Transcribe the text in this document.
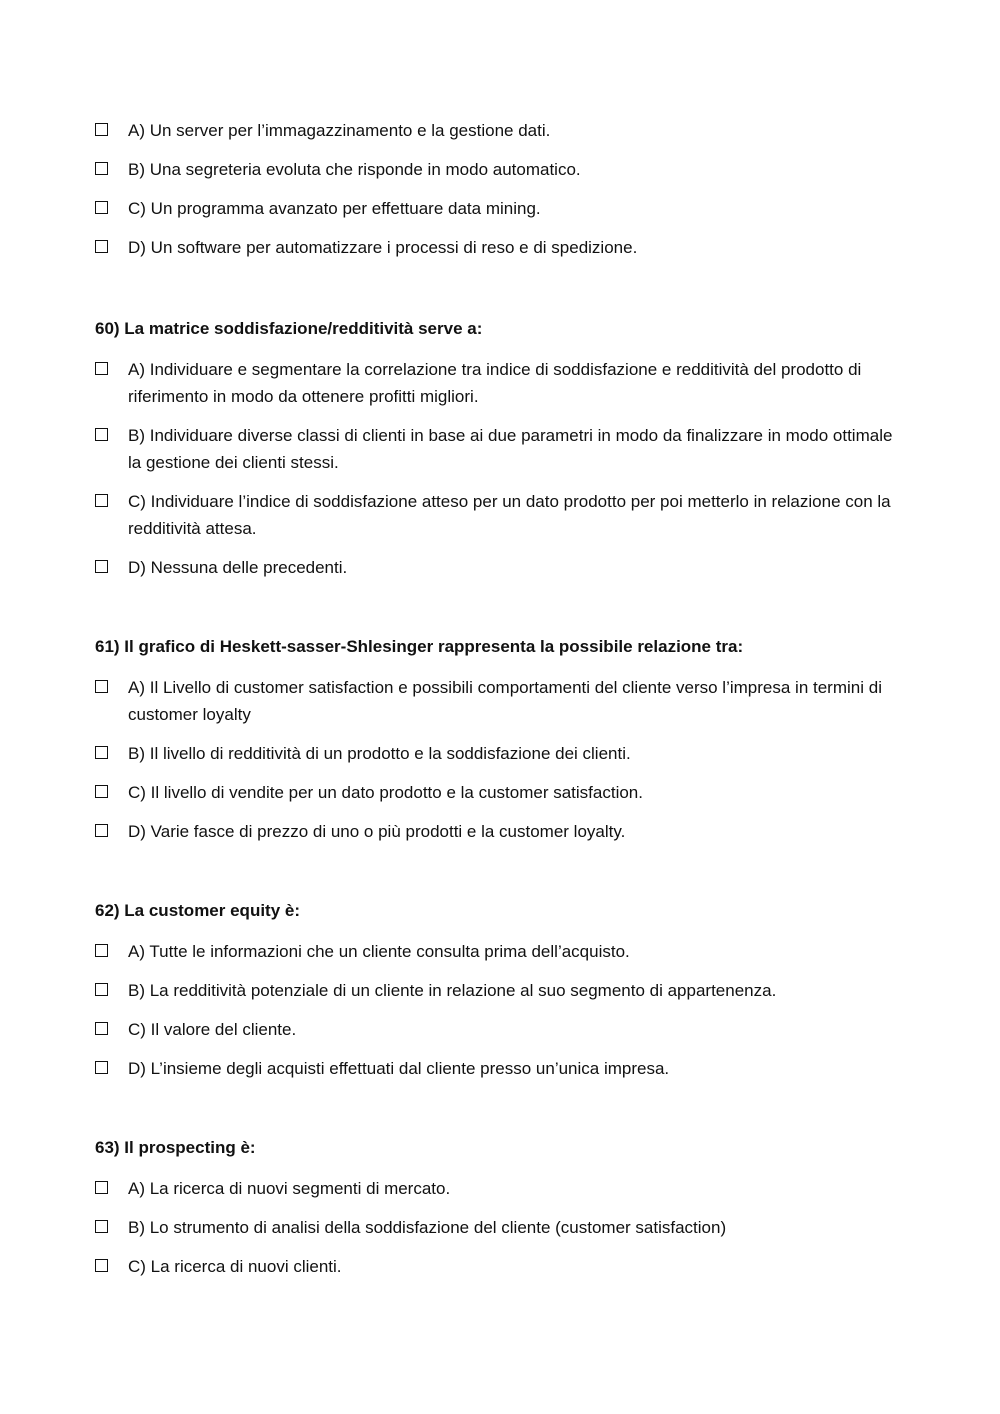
A) Un server per l’immagazzinamento e la gestione dati.
B) Una segreteria evoluta che risponde in modo automatico.
C) Un programma avanzato per effettuare data mining.
D) Un software per automatizzare i processi di reso e di spedizione.
60) La matrice soddisfazione/redditività serve a:
A) Individuare e segmentare la correlazione tra indice di soddisfazione e redditività del prodotto di riferimento in modo da ottenere profitti migliori.
B) Individuare diverse classi di clienti in base ai due parametri in modo da finalizzare in modo ottimale la gestione dei clienti stessi.
C) Individuare l’indice di soddisfazione atteso per un dato prodotto per poi metterlo in relazione con la redditività attesa.
D) Nessuna delle precedenti.
61) Il grafico di Heskett-sasser-Shlesinger rappresenta la possibile relazione tra:
A) Il Livello di customer satisfaction e possibili comportamenti del cliente verso l’impresa in termini di customer loyalty
B) Il livello di redditività di un prodotto e la soddisfazione dei clienti.
C) Il livello di vendite per un dato prodotto e la customer satisfaction.
D) Varie fasce di prezzo di uno o più prodotti e la customer loyalty.
62) La customer equity è:
A) Tutte le informazioni che un cliente consulta prima dell’acquisto.
B) La redditività potenziale di un cliente in relazione al suo segmento di appartenenza.
C) Il valore del cliente.
D) L’insieme degli acquisti effettuati dal cliente presso un’unica impresa.
63) Il prospecting è:
A) La ricerca di nuovi segmenti di mercato.
B) Lo strumento di analisi della soddisfazione del cliente (customer satisfaction)
C) La ricerca di nuovi clienti.
